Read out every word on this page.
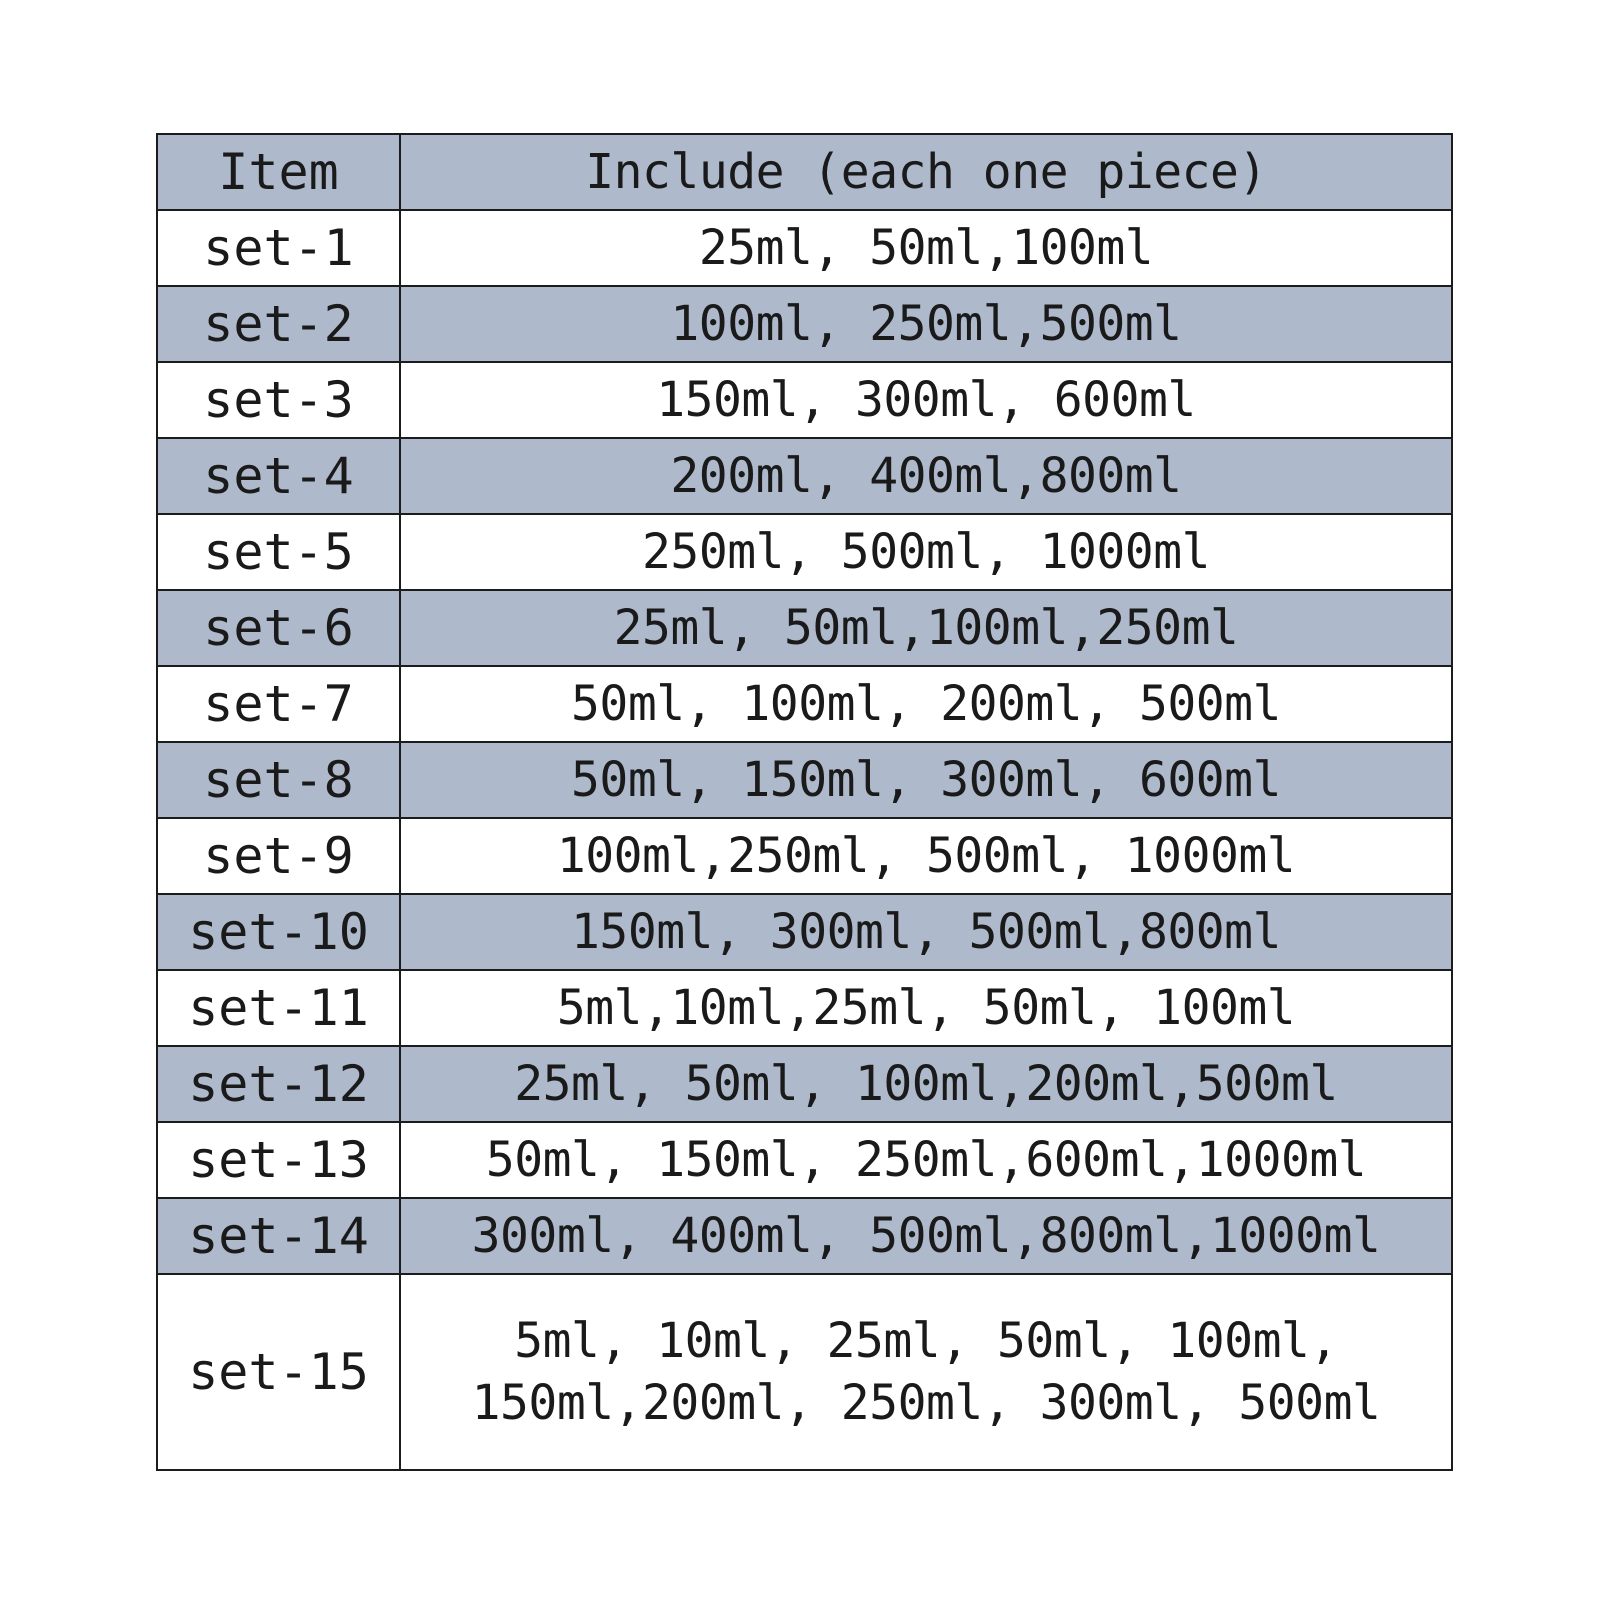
Item	Include (each one piece)
set-1	25ml, 50ml,100ml

set-2	100ml, 250ml,500ml

set-3	150ml, 300ml, 600ml

set-4	200ml, 400ml,800ml

set-5	250ml, 500ml, 1000ml

set-6	25ml, 50ml,100ml,250ml

set-7	50ml, 100ml, 200ml, 500ml

set-8	50ml, 150ml, 300ml, 600ml

set-9	100ml,250ml, 500ml, 1000ml

set-10	150ml, 300ml, 500ml,800ml

set-11	5ml,10ml,25ml, 50ml, 100ml

set-12	25ml, 50ml, 100ml,200ml,500ml

set-13	50ml, 150ml, 250ml,600ml,1000ml

set-14	300ml, 400ml, 500ml,800ml,1000ml

set-15	5ml, 10ml, 25ml, 50ml, 100ml,
150ml,200ml, 250ml, 300ml, 500ml
